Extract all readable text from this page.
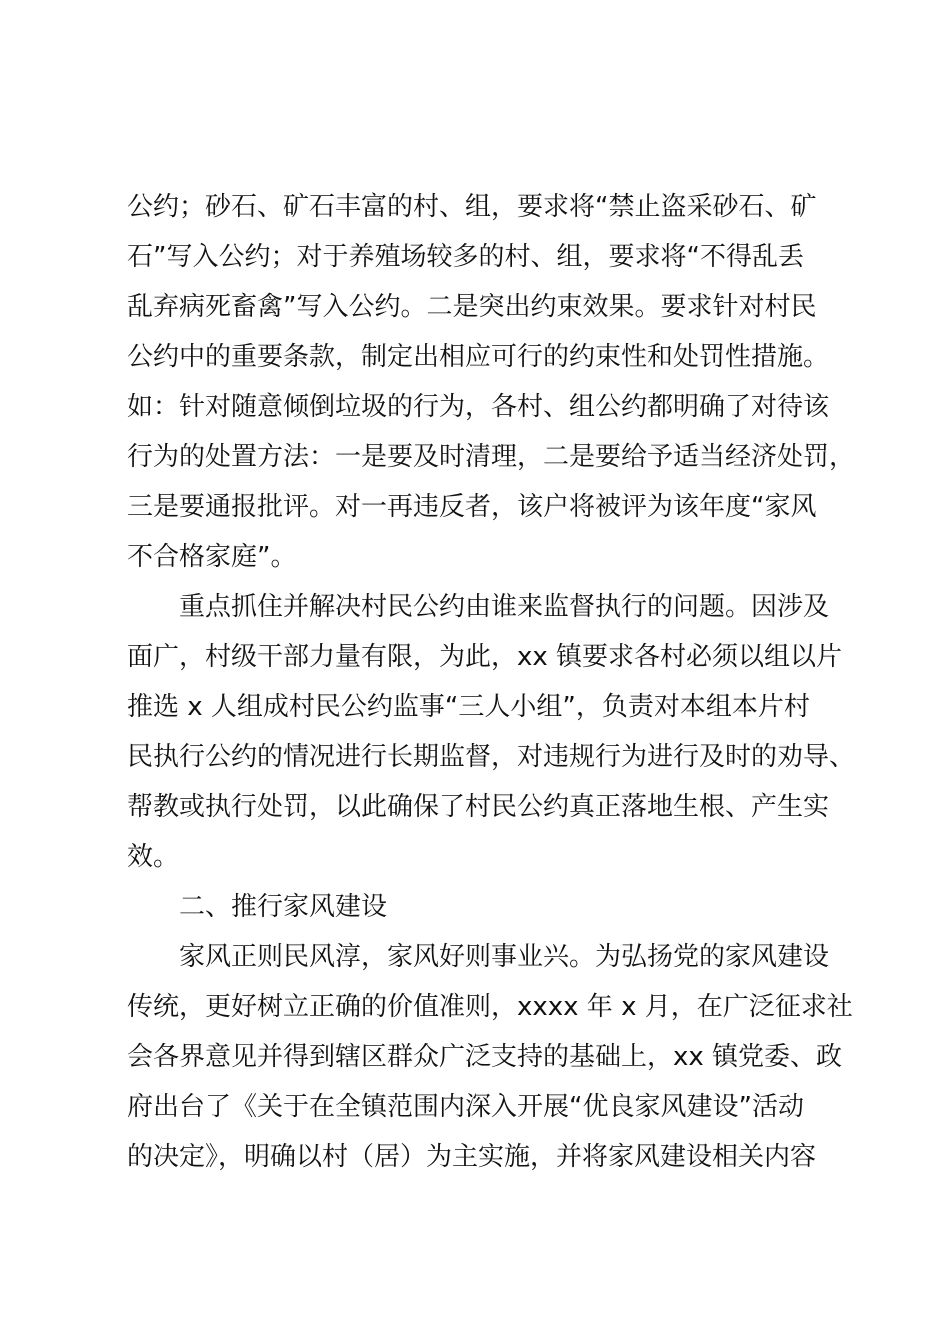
公约；砂石、矿石丰富的村、组，要求将“禁止盗采砂石、矿
石”写入公约；对于养殖场较多的村、组，要求将“不得乱丢
乱弃病死畜禽”写入公约。二是突出约束效果。要求针对村民
公约中的重要条款，制定出相应可行的约束性和处罚性措施。
如：针对随意倾倒垃圾的行为，各村、组公约都明确了对待该
行为的处置方法：一是要及时清理，二是要给予适当经济处罚，
三是要通报批评。对一再违反者，该户将被评为该年度“家风
不合格家庭”。
重点抓住并解决村民公约由谁来监督执行的问题。因涉及
面广，村级干部力量有限，为此，xx 镇要求各村必须以组以片
推选 x 人组成村民公约监事“三人小组”，负责对本组本片村
民执行公约的情况进行长期监督，对违规行为进行及时的劝导、
帮教或执行处罚，以此确保了村民公约真正落地生根、产生实
效。
二、推行家风建设
家风正则民风淳，家风好则事业兴。为弘扬党的家风建设
传统，更好树立正确的价值准则，xxxx 年 x 月，在广泛征求社
会各界意见并得到辖区群众广泛支持的基础上，xx 镇党委、政
府出台了《关于在全镇范围内深入开展“优良家风建设”活动
的决定》，明确以村（居）为主实施，并将家风建设相关内容
